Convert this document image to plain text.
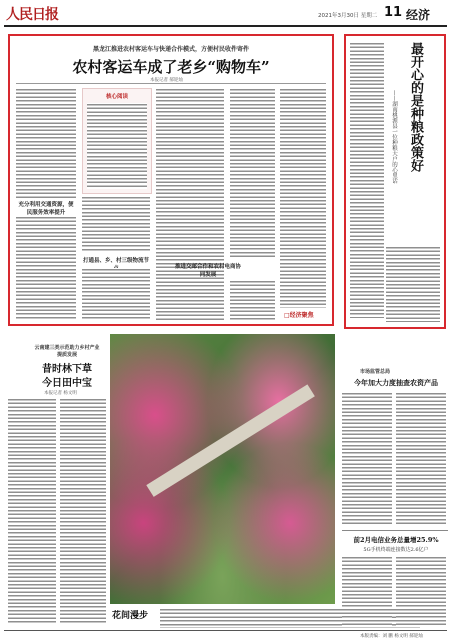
人民日报	2021年3月30日 星期二 11 经济
黑龙江推进农村客运车与快递合作模式，方便村民收件寄件
农村客运车成了老乡“购物车”
本报记者 郝迎灿
充分利用交通资源，便民服务效率提升
核心阅读
打通县、乡、村三级物流节
推进交邮合作和农村电商协同发展
□经济聚焦
最开心的是种粮政策好
——湖南桃源县一位种粮大户的心里话
云南建三类示范助力乡村产业提质发展
昔时林下草
今日田中宝
本报记者 杨文明
花间漫步
市场监管总局
今年加大力度抽查农资产品
前2月电信业务总量增25.9%
5G手机终端连接数达2.6亿户
本版责编：刘 鹏 杨文明 郝迎灿
